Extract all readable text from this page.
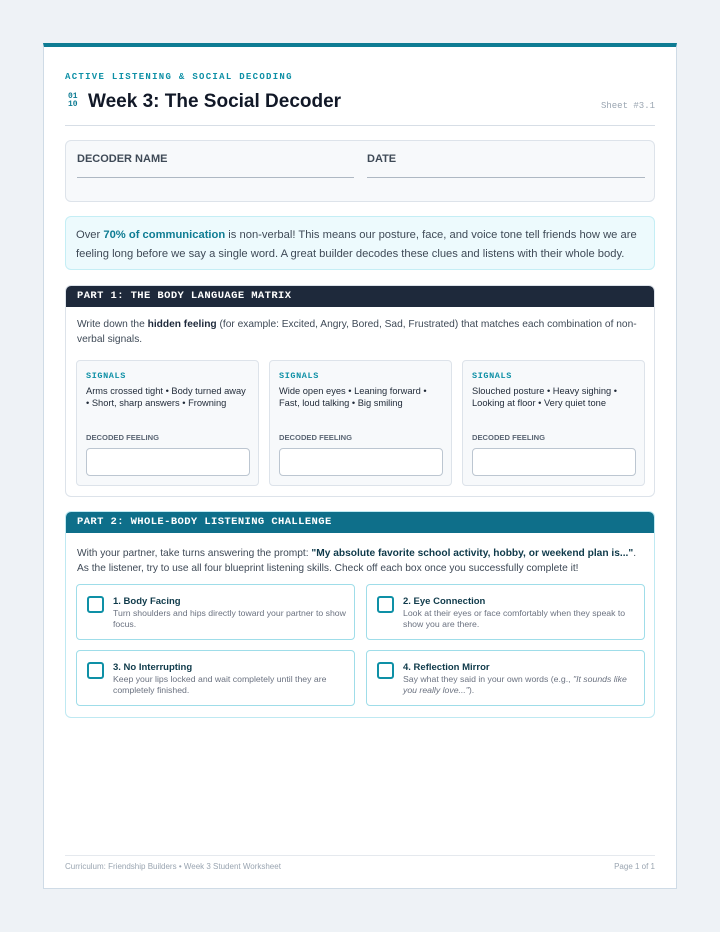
ACTIVE LISTENING & SOCIAL DECODING
01
10 Week 3: The Social Decoder	Sheet #3.1
DECODER NAME	DATE
Over 70% of communication is non-verbal! This means our posture, face, and voice tone tell friends how we are feeling long before we say a single word. A great builder decodes these clues and listens with their whole body.
PART 1: THE BODY LANGUAGE MATRIX
Write down the hidden feeling (for example: Excited, Angry, Bored, Sad, Frustrated) that matches each combination of non-verbal signals.
SIGNALS
Arms crossed tight • Body turned away • Short, sharp answers • Frowning
DECODED FEELING
SIGNALS
Wide open eyes • Leaning forward • Fast, loud talking • Big smiling
DECODED FEELING
SIGNALS
Slouched posture • Heavy sighing • Looking at floor • Very quiet tone
DECODED FEELING
PART 2: WHOLE-BODY LISTENING CHALLENGE
With your partner, take turns answering the prompt: "My absolute favorite school activity, hobby, or weekend plan is...". As the listener, try to use all four blueprint listening skills. Check off each box once you successfully complete it!
1. Body Facing
Turn shoulders and hips directly toward your partner to show focus.
2. Eye Connection
Look at their eyes or face comfortably when they speak to show you are there.
3. No Interrupting
Keep your lips locked and wait completely until they are completely finished.
4. Reflection Mirror
Say what they said in your own words (e.g., "It sounds like you really love...").
Curriculum: Friendship Builders • Week 3 Student Worksheet	Page 1 of 1
